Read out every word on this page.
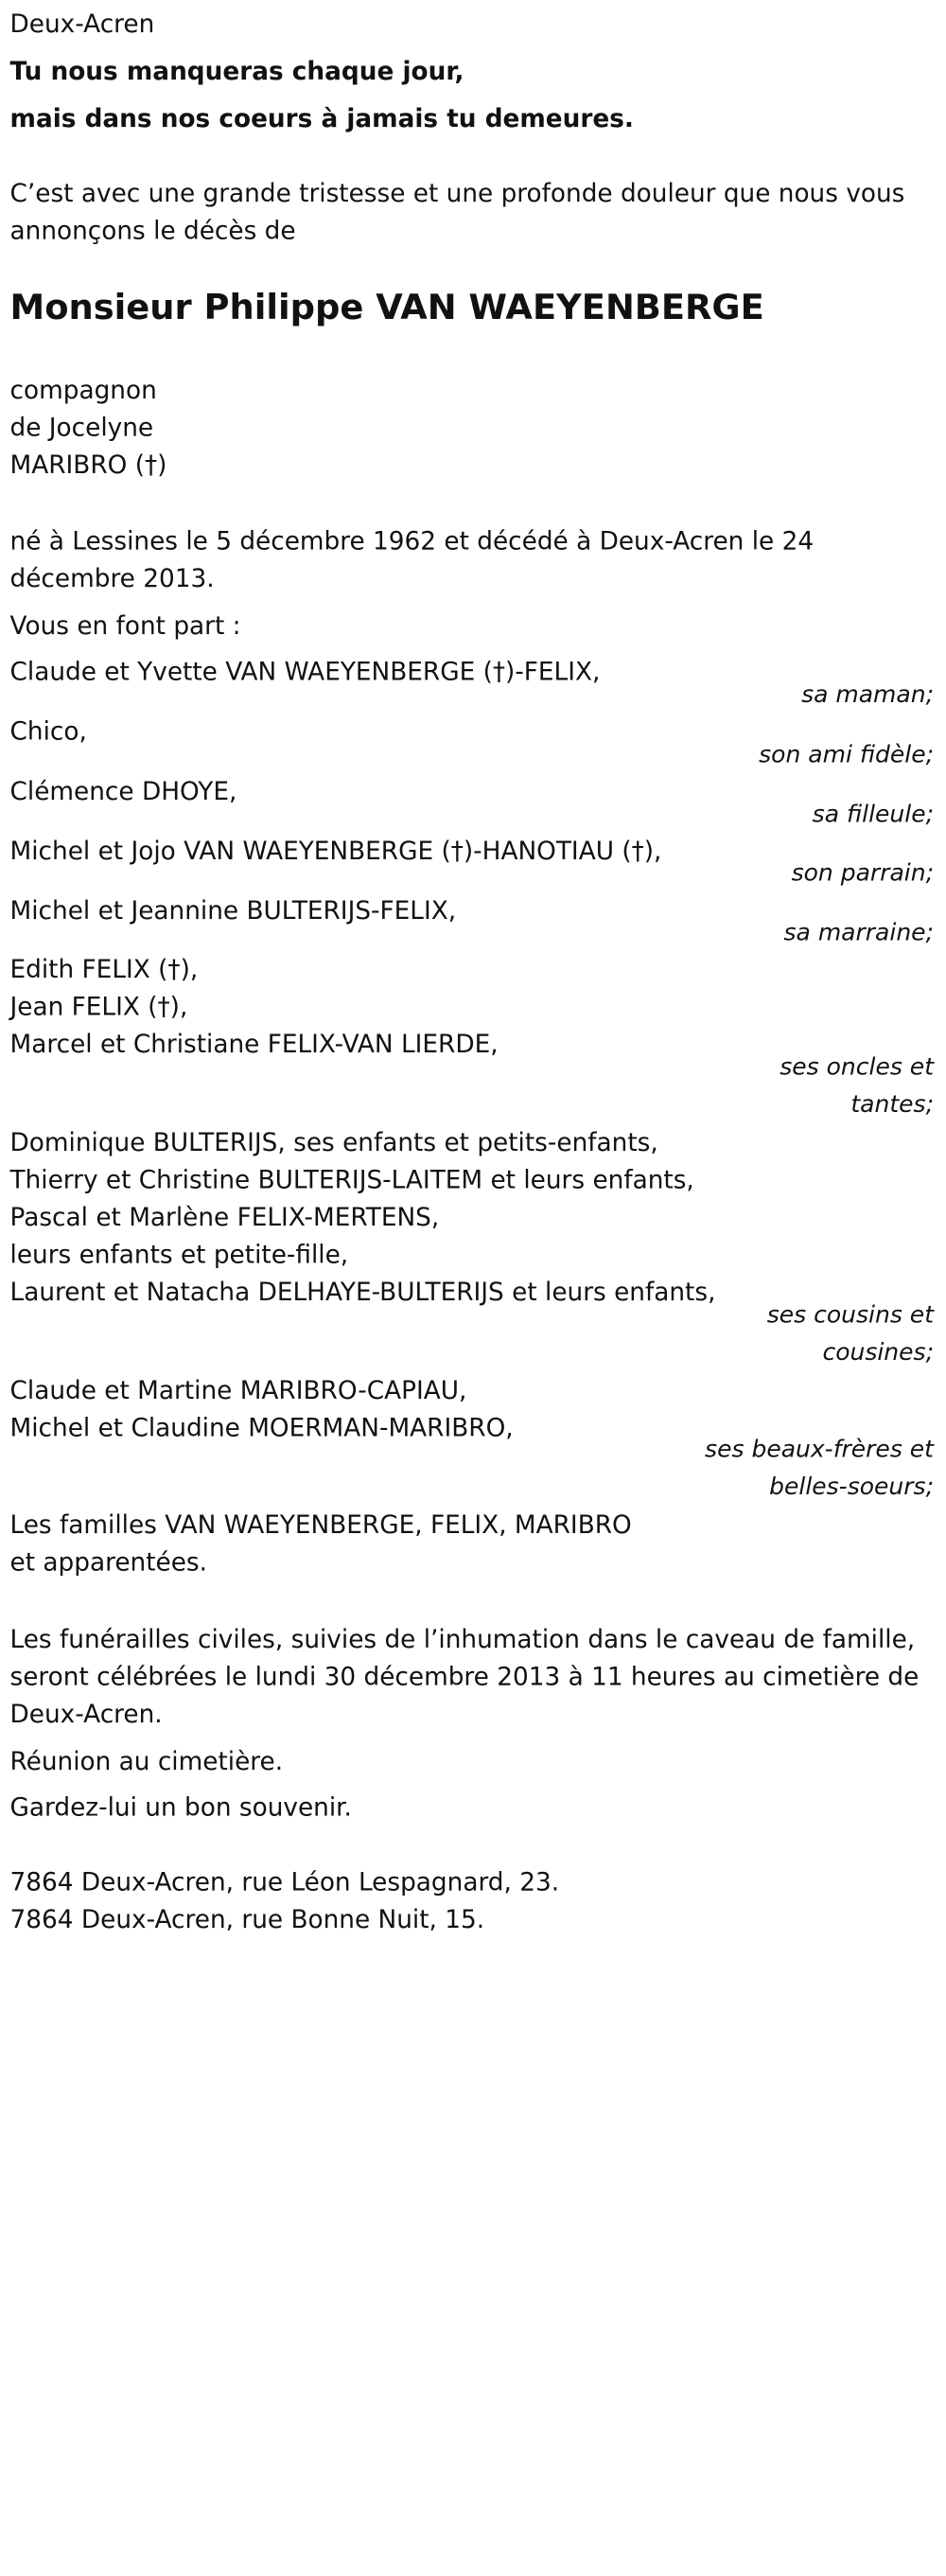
Deux-Acren
Tu nous manqueras chaque jour,
mais dans nos coeurs à jamais tu demeures.
C’est avec une grande tristesse et une profonde douleur que nous vous annonçons le décès de
Monsieur Philippe VAN WAEYENBERGE
compagnon
de Jocelyne
MARIBRO (†)
né à Lessines le 5 décembre 1962 et décédé à Deux-Acren le 24 décembre 2013.
Vous en font part :
Claude et Yvette VAN WAEYENBERGE (†)-FELIX,
sa maman;
Chico,
son ami fidèle;
Clémence DHOYE,
sa filleule;
Michel et Jojo VAN WAEYENBERGE (†)-HANOTIAU (†),
son parrain;
Michel et Jeannine BULTERIJS-FELIX,
sa marraine;
Edith FELIX (†),
Jean FELIX (†),
Marcel et Christiane FELIX-VAN LIERDE,
ses oncles et tantes;
Dominique BULTERIJS, ses enfants et petits-enfants,
Thierry et Christine BULTERIJS-LAITEM et leurs enfants,
Pascal et Marlène FELIX-MERTENS,
leurs enfants et petite-fille,
Laurent et Natacha DELHAYE-BULTERIJS et leurs enfants,
ses cousins et cousines;
Claude et Martine MARIBRO-CAPIAU,
Michel et Claudine MOERMAN-MARIBRO,
ses beaux-frères et belles-soeurs;
Les familles VAN WAEYENBERGE, FELIX, MARIBRO
et apparentées.
Les funérailles civiles, suivies de l’inhumation dans le caveau de famille, seront célébrées le lundi 30 décembre 2013 à 11 heures au cimetière de Deux-Acren.
Réunion au cimetière.
Gardez-lui un bon souvenir.
7864 Deux-Acren, rue Léon Lespagnard, 23.
7864 Deux-Acren, rue Bonne Nuit, 15.
